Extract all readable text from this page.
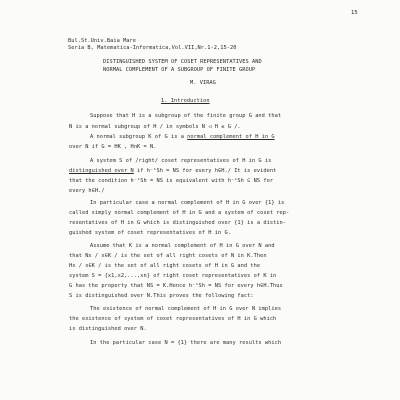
15
Bul.St.Univ.Baia Mare
Seria B, Matematica-Informatica,Vol.VII,Nr.1-2,15-20
DISTINGUISHED SYSTEM OF COSET REPRESENTATIVES AND
NORMAL COMPLEMENT OF A SUBGROUP OF FINITE GROUP
M. VIRAG
1. Introduction
Suppose that H is a subgroup of the finite group G and that
N is a normal subgroup of H / in symbols N ◁ H ≤ G /.
A normal subgroup K of G is a normal complement of H in G
over N if G = HK , H∩K = N.
A system S of /right/ coset representatives of H in G is
distinguished over N if h⁻¹Sh = NS for every h∈H./ It is evident
that the condition h⁻¹Sh = NS is equivalent with h⁻¹Sh ⊆ NS for
every h∈H./
In particular case a normal complement of H in G over {1} is
called simply normal complement of H in G and a system of coset rep-
resentatives of H in G which is distinguished over {1} is a distin-
guished system of coset representatives of H in G.
Assume that K is a normal complement of H in G over N and
that Nx / x∈K / is the set of all right cosets of N in K.Then
Hx / x∈K / is the set of all right cosets of H in G and the
system S = {x1,x2,...,xn} of right coset representatives of K in
G has the property that NS = K.Hence h⁻¹Sh = NS for every h∈H.Thus
S is distinguished over N.This proves the following fact:
The existence of normal complement of H in G over N implies
the existence of system of coset representatives of H in G which
is distinguished over N.
In the particular case N = {1} there are many results which
